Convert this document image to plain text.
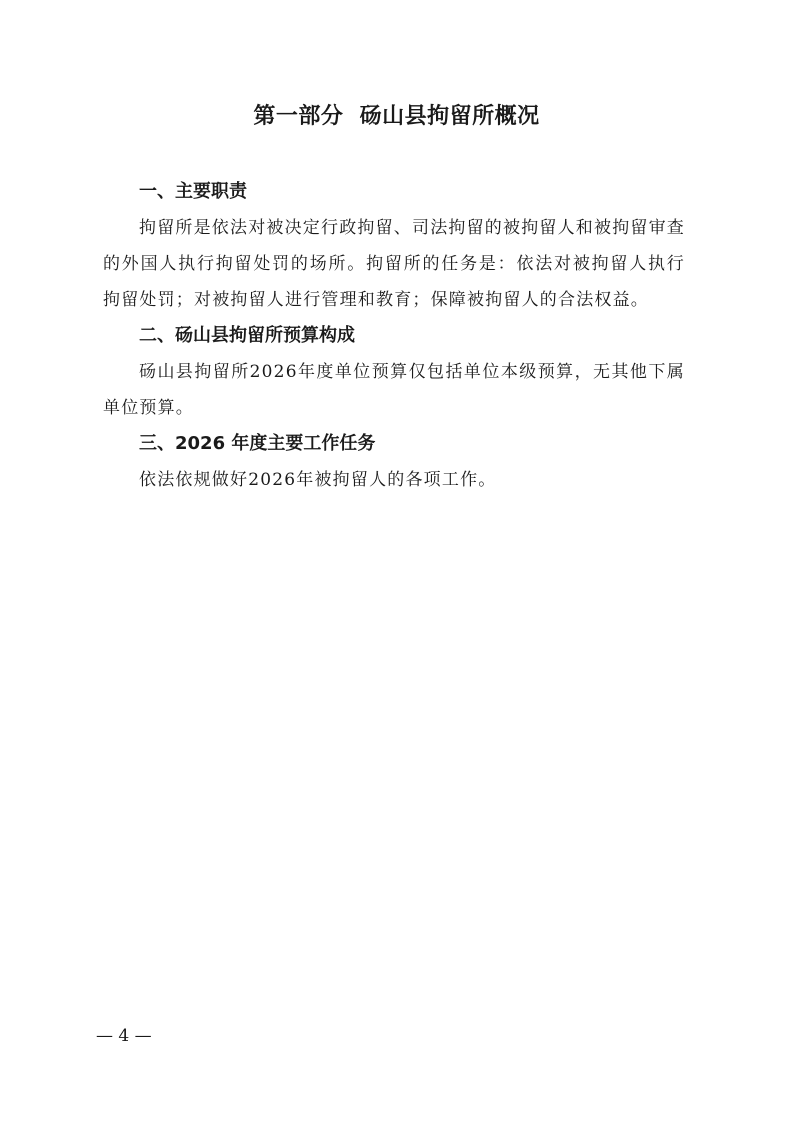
第一部分  砀山县拘留所概况

一、主要职责

拘留所是依法对被决定行政拘留、司法拘留的被拘留人和被拘留审查的外国人执行拘留处罚的场所。拘留所的任务是：依法对被拘留人执行拘留处罚；对被拘留人进行管理和教育；保障被拘留人的合法权益。

二、砀山县拘留所预算构成

砀山县拘留所2026年度单位预算仅包括单位本级预算，无其他下属单位预算。

三、2026 年度主要工作任务

依法依规做好2026年被拘留人的各项工作。

— 4 —
